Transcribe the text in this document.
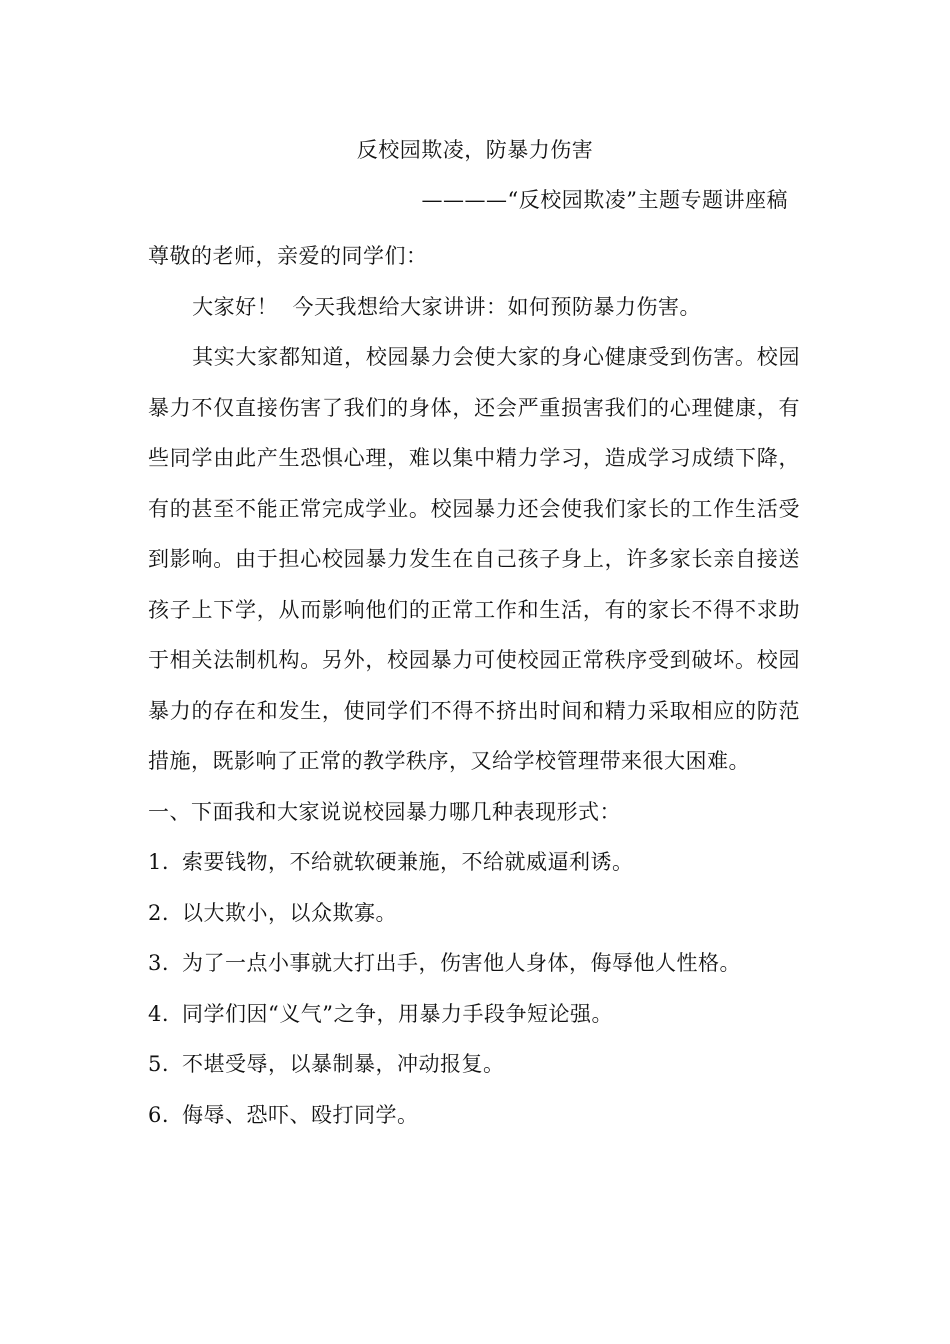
反校园欺凌，防暴力伤害
————“反校园欺凌”主题专题讲座稿

尊敬的老师，亲爱的同学们：

大家好！  今天我想给大家讲讲：如何预防暴力伤害。

其实大家都知道，校园暴力会使大家的身心健康受到伤害。校园暴力不仅直接伤害了我们的身体，还会严重损害我们的心理健康，有些同学由此产生恐惧心理，难以集中精力学习，造成学习成绩下降，有的甚至不能正常完成学业。校园暴力还会使我们家长的工作生活受到影响。由于担心校园暴力发生在自己孩子身上，许多家长亲自接送孩子上下学，从而影响他们的正常工作和生活，有的家长不得不求助于相关法制机构。另外，校园暴力可使校园正常秩序受到破坏。校园暴力的存在和发生，使同学们不得不挤出时间和精力采取相应的防范措施，既影响了正常的教学秩序，又给学校管理带来很大困难。

一、下面我和大家说说校园暴力哪几种表现形式：

1. 索要钱物，不给就软硬兼施，不给就威逼利诱。
2. 以大欺小，以众欺寡。
3. 为了一点小事就大打出手，伤害他人身体，侮辱他人性格。
4. 同学们因“义气”之争，用暴力手段争短论强。
5. 不堪受辱，以暴制暴，冲动报复。
6. 侮辱、恐吓、殴打同学。
